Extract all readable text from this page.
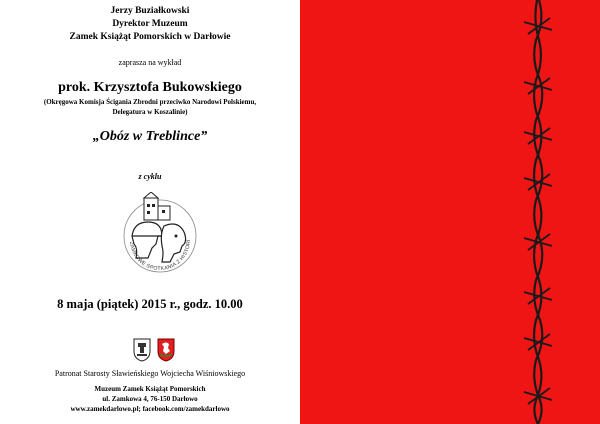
Jerzy Buziałkowski
Dyrektor Muzeum
Zamek Książąt Pomorskich w Darłowie
zaprasza na wykład
prok. Krzysztofa Bukowskiego
(Okręgowa Komisja Ścigania Zbrodni przeciwko Narodowi Polskiemu,
Delegatura w Koszalinie)
„Obóz w Treblince”
z cyklu
ZAMKOWE SPOTKANIA Z HISTORI
8 maja (piątek) 2015 r., godz. 10.00
Patronat Starosty Sławieńskiego Wojciecha Wiśniowskiego
Muzeum Zamek Książąt Pomorskich
ul. Zamkowa 4, 76-150 Darłowo
www.zamekdarlowo.pl; facebook.com/zamekdarlowo
